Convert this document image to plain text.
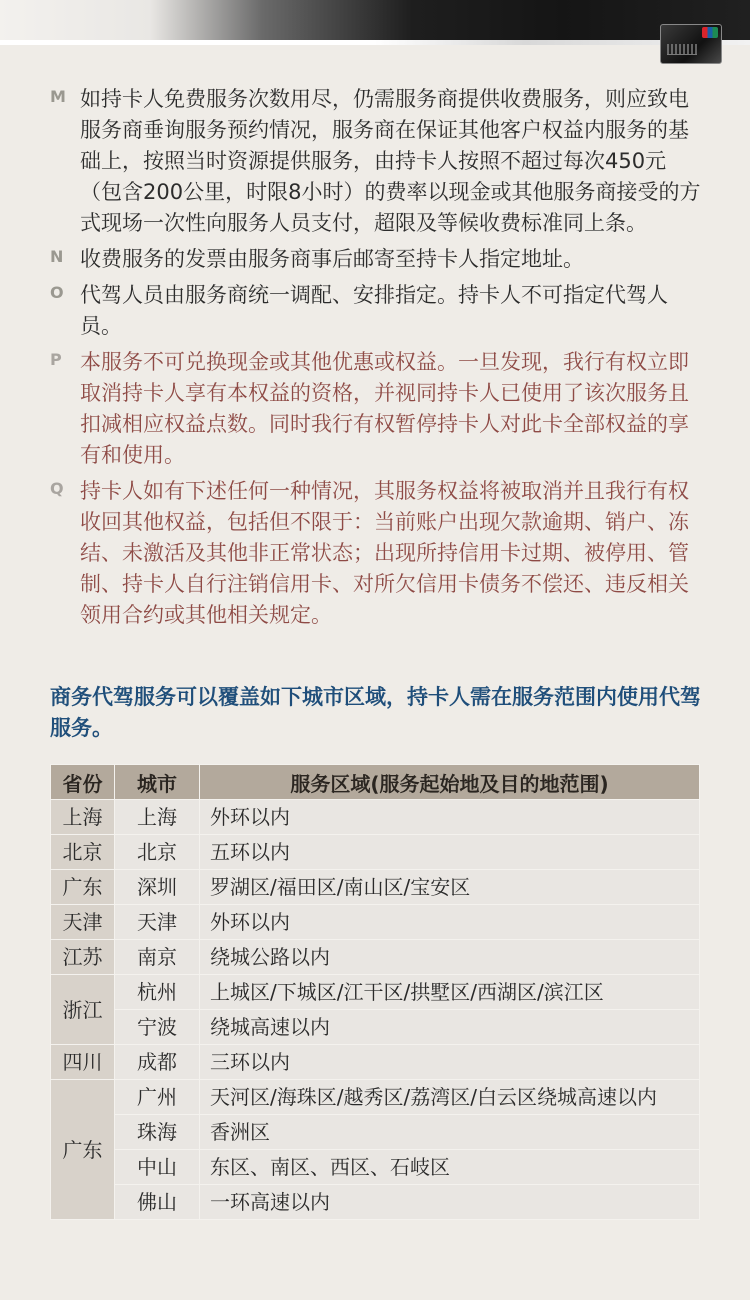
M 如持卡人免费服务次数用尽，仍需服务商提供收费服务，则应致电服务商垂询服务预约情况，服务商在保证其他客户权益内服务的基础上，按照当时资源提供服务，由持卡人按照不超过每次450元（包含200公里，时限8小时）的费率以现金或其他服务商接受的方式现场一次性向服务人员支付，超限及等候收费标准同上条。
N 收费服务的发票由服务商事后邮寄至持卡人指定地址。
O 代驾人员由服务商统一调配、安排指定。持卡人不可指定代驾人员。
P 本服务不可兑换现金或其他优惠或权益。一旦发现，我行有权立即取消持卡人享有本权益的资格，并视同持卡人已使用了该次服务且扣减相应权益点数。同时我行有权暂停持卡人对此卡全部权益的享有和使用。
Q 持卡人如有下述任何一种情况，其服务权益将被取消并且我行有权收回其他权益，包括但不限于：当前账户出现欠款逾期、销户、冻结、未激活及其他非正常状态；出现所持信用卡过期、被停用、管制、持卡人自行注销信用卡、对所欠信用卡债务不偿还、违反相关领用合约或其他相关规定。
商务代驾服务可以覆盖如下城市区域，持卡人需在服务范围内使用代驾服务。
省份	城市	服务区域(服务起始地及目的地范围)
上海	上海	外环以内
北京	北京	五环以内
广东	深圳	罗湖区/福田区/南山区/宝安区
天津	天津	外环以内
江苏	南京	绕城公路以内
浙江	杭州	上城区/下城区/江干区/拱墅区/西湖区/滨江区
	宁波	绕城高速以内
四川	成都	三环以内
广东	广州	天河区/海珠区/越秀区/荔湾区/白云区绕城高速以内
	珠海	香洲区
	中山	东区、南区、西区、石岐区
	佛山	一环高速以内
